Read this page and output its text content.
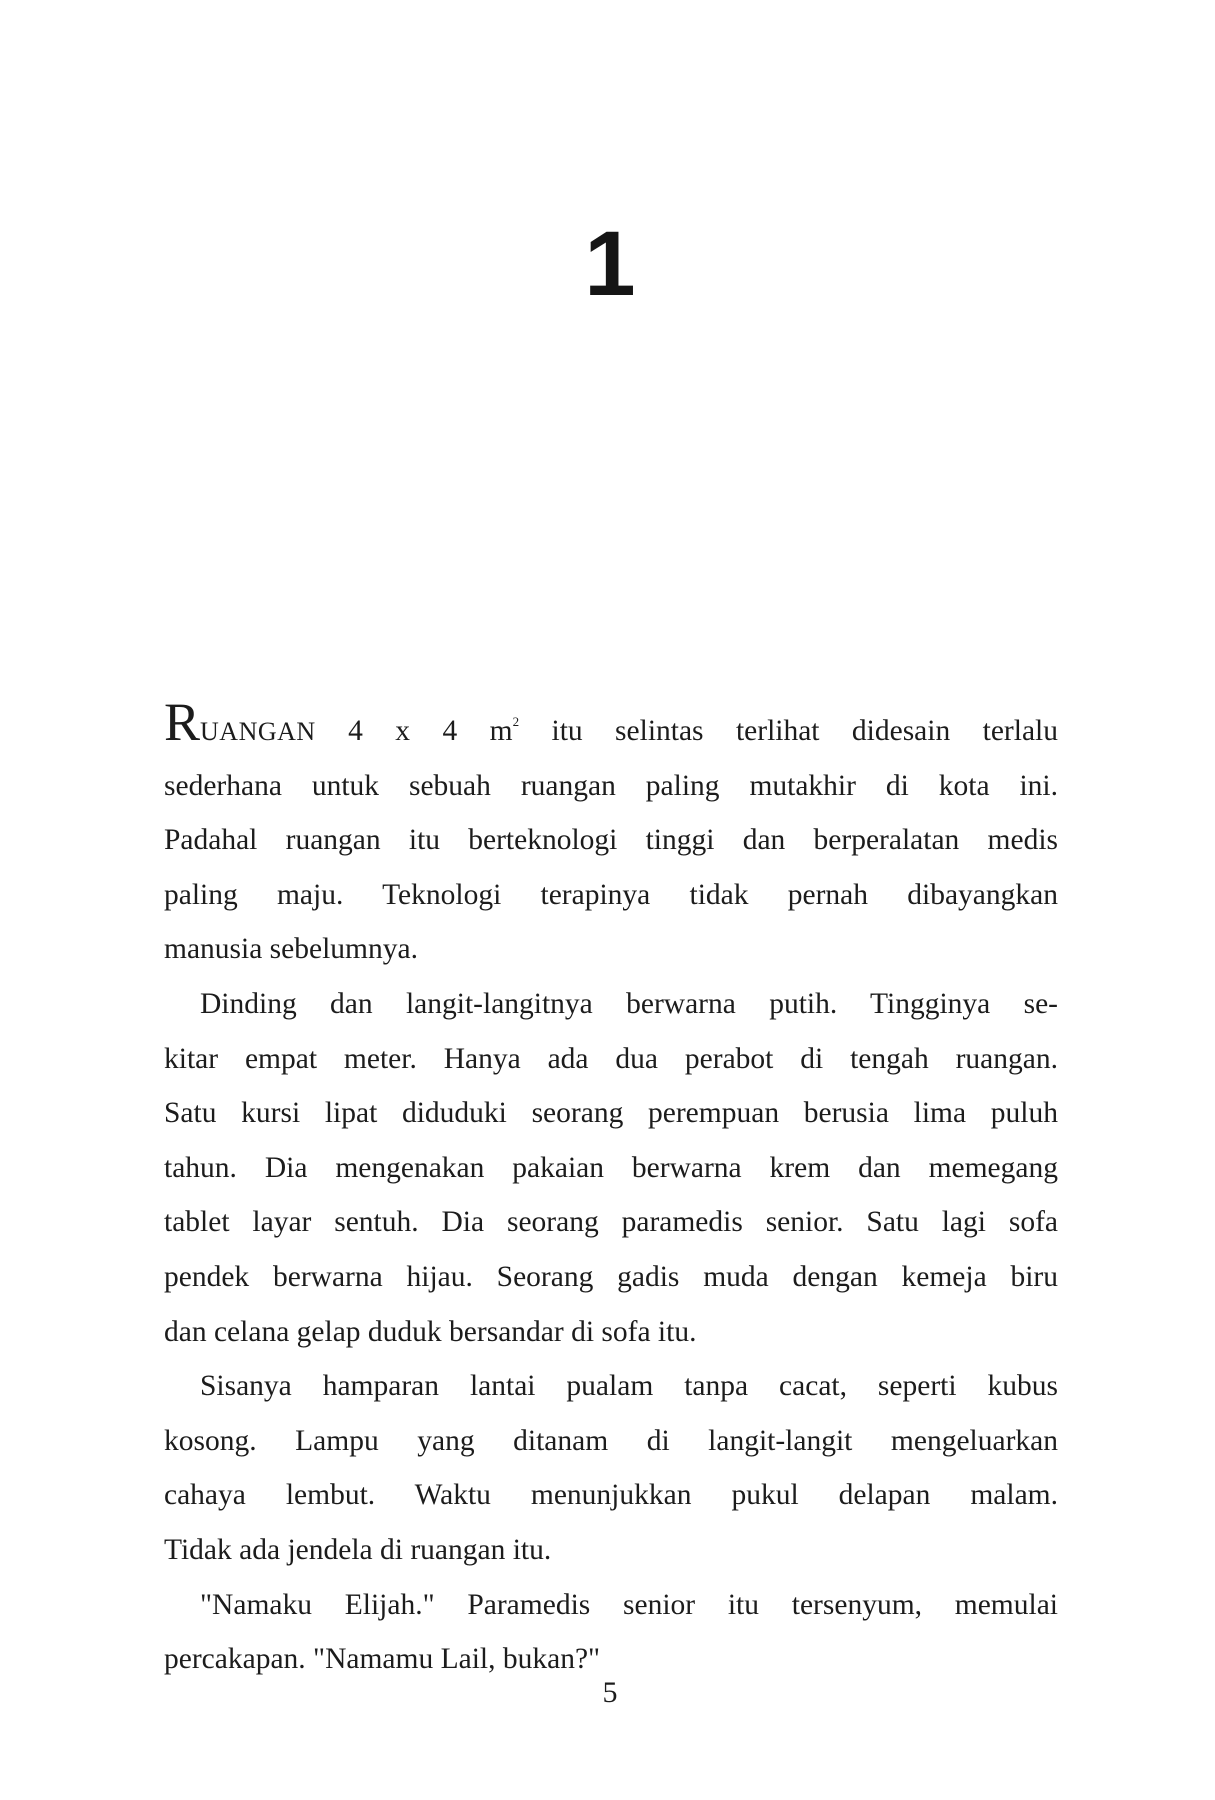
1
RUANGAN 4 x 4 $m^2$ itu selintas terlihat didesain terlalu
sederhana untuk sebuah ruangan paling mutakhir di kota ini.
Padahal ruangan itu berteknologi tinggi dan berperalatan medis
paling maju. Teknologi terapinya tidak pernah dibayangkan
manusia sebelumnya.
Dinding dan langit-langitnya berwarna putih. Tingginya se-
kitar empat meter. Hanya ada dua perabot di tengah ruangan.
Satu kursi lipat diduduki seorang perempuan berusia lima puluh
tahun. Dia mengenakan pakaian berwarna krem dan memegang
tablet layar sentuh. Dia seorang paramedis senior. Satu lagi sofa
pendek berwarna hijau. Seorang gadis muda dengan kemeja biru
dan celana gelap duduk bersandar di sofa itu.
Sisanya hamparan lantai pualam tanpa cacat, seperti kubus
kosong. Lampu yang ditanam di langit-langit mengeluarkan
cahaya lembut. Waktu menunjukkan pukul delapan malam.
Tidak ada jendela di ruangan itu.
"Namaku Elijah." Paramedis senior itu tersenyum, memulai
percakapan. "Namamu Lail, bukan?"
5
